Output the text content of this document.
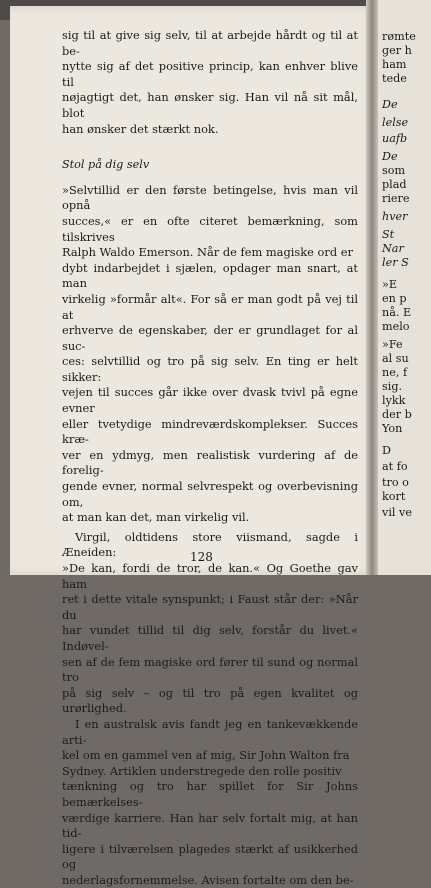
sig til at give sig selv, til at arbejde hårdt og til at be-

nytte sig af det positive princip, kan enhver blive til

nøjagtigt det, han ønsker sig. Han vil nå sit mål, blot

han ønsker det stærkt nok.

Stol på dig selv

»Selvtillid er den første betingelse, hvis man vil opnå

succes,« er en ofte citeret bemærkning, som tilskrives

Ralph Waldo Emerson. Når de fem magiske ord er

dybt indarbejdet i sjælen, opdager man snart, at man

virkelig »formår alt«. For så er man godt på vej til at

erhverve de egenskaber, der er grundlaget for al suc-

ces: selvtillid og tro på sig selv. En ting er helt sikker:

vejen til succes går ikke over dvask tvivl på egne evner

eller tvetydige mindreværdskomplekser. Succes kræ-

ver en ydmyg, men realistisk vurdering af de forelig-

gende evner, normal selvrespekt og overbevisning om,

at man kan det, man virkelig vil.

Virgil, oldtidens store viismand, sagde i Æneiden:

»De kan, fordi de tror, de kan.« Og Goethe gav ham

ret i dette vitale synspunkt; i Faust står der: »Når du

har vundet tillid til dig selv, forstår du livet.« Indøvel-

sen af de fem magiske ord fører til sund og normal tro

på sig selv – og til tro på egen kvalitet og urørlighed.

I en australsk avis fandt jeg en tankevækkende arti-

kel om en gammel ven af mig, Sir John Walton fra

Sydney. Artiklen understregede den rolle positiv

tænkning og tro har spillet for Sir Johns bemærkelses-

værdige karriere. Han har selv fortalt mig, at han tid-

ligere i tilværelsen plagedes stærkt af usikkerhed og

nederlagsfornemmelse. Avisen fortalte om den be-

128
rømte
ger h
ham
tede
De
lelse
uafb
De
som
plad
riere
hver
St
Nar
ler S
»E
en p
nå. E
melo
»Fe
al su
ne, f
sig.
lykk
der b
Yon
D
at fo
tro o
kort
vil ve
